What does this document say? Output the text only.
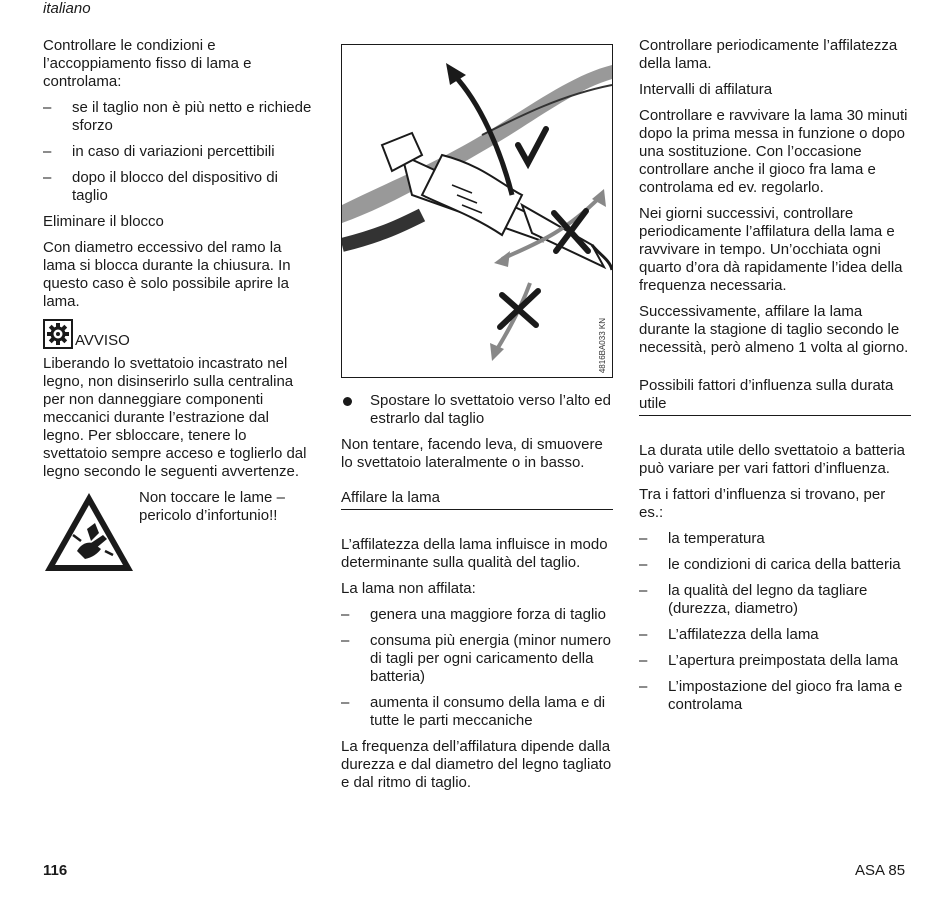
italiano

Controllare le condizioni e l’accoppiamento fisso di lama e controlama:

– se il taglio non è più netto e richiede sforzo
– in caso di variazioni percettibili
– dopo il blocco del dispositivo di taglio
Eliminare il blocco

Con diametro eccessivo del ramo la lama si blocca durante la chiusura. In questo caso è solo possibile aprire la lama.

AVVISO

Liberando lo svettatoio incastrato nel legno, non disinserirlo sulla centralina per non danneggiare componenti meccanici durante l’estrazione dal legno. Per sbloccare, tenere lo svettatoio sempre acceso e toglierlo dal legno secondo le seguenti avvertenze.

Non toccare le lame –
pericolo d’infortunio!!
4816BA033 KN
Spostare lo svettatoio verso l’alto ed estrarlo dal taglio

Non tentare, facendo leva, di smuovere lo svettatoio lateralmente o in basso.

Affilare la lama

L’affilatezza della lama influisce in modo determinante sulla qualità del taglio.

La lama non affilata:

– genera una maggiore forza di taglio
– consuma più energia (minor numero di tagli per ogni caricamento della batteria)
– aumenta il consumo della lama e di tutte le parti meccaniche

La frequenza dell’affilatura dipende dalla durezza e dal diametro del legno tagliato e dal ritmo di taglio.

Controllare periodicamente l’affilatezza della lama.

Intervalli di affilatura

Controllare e ravvivare la lama 30 minuti dopo la prima messa in funzione o dopo una sostituzione. Con l’occasione controllare anche il gioco fra lama e controlama ed ev. regolarlo.

Nei giorni successivi, controllare periodicamente l’affilatura della lama e ravvivare in tempo. Un’occhiata ogni quarto d’ora dà rapidamente l’idea della frequenza necessaria.

Successivamente, affilare la lama durante la stagione di taglio secondo le necessità, però almeno 1 volta al giorno.

Possibili fattori d’influenza sulla durata utile

La durata utile dello svettatoio a batteria può variare per vari fattori d’influenza.

Tra i fattori d’influenza si trovano, per es.:

– la temperatura
– le condizioni di carica della batteria
– la qualità del legno da tagliare (durezza, diametro)
– L’affilatezza della lama
– L’apertura preimpostata della lama
– L’impostazione del gioco fra lama e controlama
116	ASA 85
